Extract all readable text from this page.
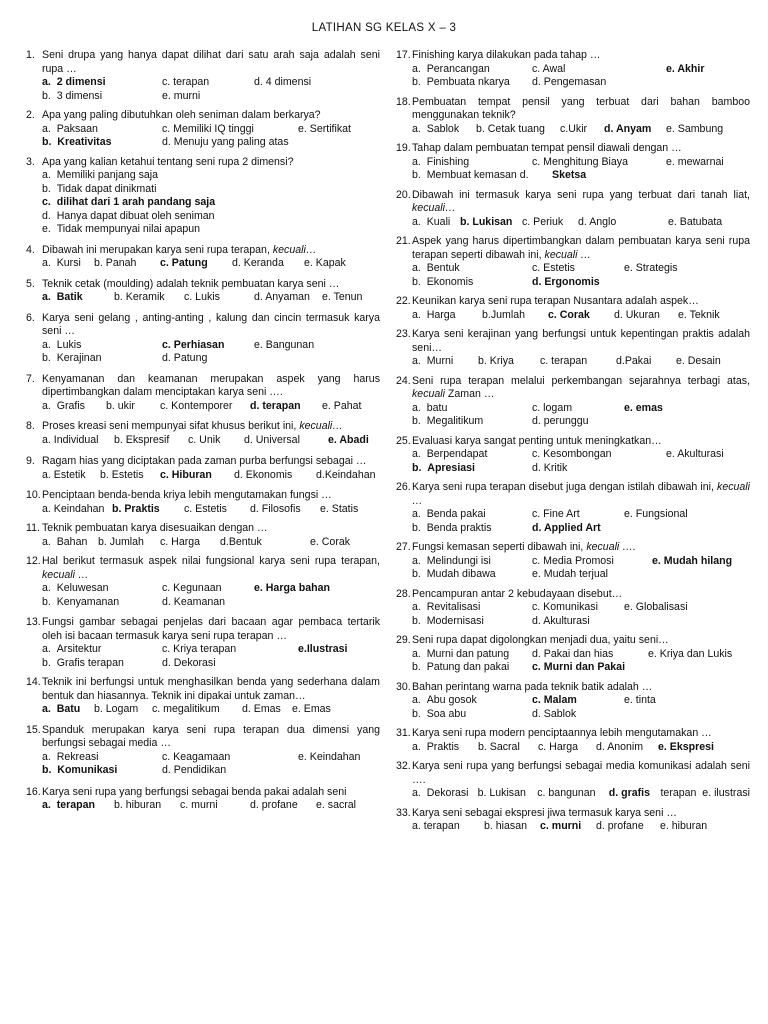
LATIHAN SG KELAS X – 3
1. Seni drupa yang hanya dapat dilihat dari satu arah saja adalah seni rupa …
a.  2 dimensi	c. terapan	d. 4 dimensi
b.  3 dimensi	e. murni
2. Apa yang paling dibutuhkan oleh seniman dalam berkarya?
a.  Paksaan	c. Memiliki IQ tinggi	e. Sertifikat
b.  Kreativitas	d. Menuju yang paling atas
3. Apa yang kalian ketahui tentang seni rupa 2 dimensi?
a.  Memiliki panjang saja
b.  Tidak dapat dinikmati
c.  dilihat dari 1 arah pandang saja
d.  Hanya dapat dibuat oleh seniman
e.  Tidak mempunyai nilai apapun
4. Dibawah ini merupakan karya seni rupa terapan, kecuali…
a.  Kursi	b. Panah	c. Patung	d. Keranda	e. Kapak
5. Teknik cetak (moulding) adalah teknik pembuatan karya seni …
a.  Batik	b. Keramik	c. Lukis	d. Anyaman	e. Tenun
6. Karya seni gelang , anting-anting , kalung dan cincin termasuk karya seni …
a.  Lukis	c. Perhiasan	e. Bangunan
b.  Kerajinan	d. Patung
7. Kenyamanan dan keamanan merupakan aspek yang harus dipertimbangkan dalam menciptakan karya seni ….
a.  Grafis	b. ukir	c. Kontemporer	d. terapan	e. Pahat
8. Proses kreasi seni mempunyai sifat khusus berikut ini, kecuali…
a. Individual	b. Ekspresif	c. Unik	d. Universal	e. Abadi
9. Ragam hias yang diciptakan pada zaman purba berfungsi sebagai …
a. Estetik	b. Estetis	c. Hiburan	d. Ekonomis	d.Keindahan
10. Penciptaan benda-benda kriya lebih mengutamakan fungsi …
a. Keindahan b. Praktis	c. Estetis	d. Filosofis	e. Statis
11. Teknik pembuatan karya disesuaikan dengan …
a.  Bahan	b. Jumlah	c. Harga	d.Bentuk	e. Corak
12. Hal berikut termasuk aspek nilai fungsional karya seni rupa terapan, kecuali …
a.  Keluwesan	c. Kegunaan	e. Harga bahan
b.  Kenyamanan	d. Keamanan
13. Fungsi gambar sebagai penjelas dari bacaan agar pembaca tertarik oleh isi bacaan termasuk karya seni rupa terapan …
a.  Arsitektur	c. Kriya terapan	e.Ilustrasi
b.  Grafis terapan	d. Dekorasi
14. Teknik ini berfungsi untuk menghasilkan benda yang sederhana dalam bentuk dan hiasannya. Teknik ini dipakai untuk zaman…
a.  Batu	b. Logam	c. megalitikum	d. Emas	e. Emas
15. Spanduk merupakan karya seni rupa terapan dua dimensi yang berfungsi sebagai media …
a.  Rekreasi	c. Keagamaan	e. Keindahan
b.  Komunikasi	d. Pendidikan
16. Karya seni rupa yang berfungsi sebagai benda pakai adalah seni
a.  terapan	b. hiburan	c. murni	d. profane	e. sacral
17. Finishing karya dilakukan pada tahap …
a.  Perancangan	c. Awal	e. Akhir
b.  Pembuata nkarya	d. Pengemasan
18. Pembuatan tempat pensil yang terbuat dari bahan bamboo menggunakan teknik?
a.  Sablok	b. Cetak tuang	c.Ukir	d. Anyam	e. Sambung
19. Tahap dalam pembuatan tempat pensil diawali dengan …
a.  Finishing	c. Menghitung Biaya	e. mewarnai
b.  Membuat kemasan d.	Sketsa
20. Dibawah ini termasuk karya seni rupa yang terbuat dari tanah liat, kecuali…
a.  Kuali b. Lukisan c. Periuk	d. Anglo	e. Batubata
21. Aspek yang harus dipertimbangkan dalam pembuatan karya seni rupa terapan seperti dibawah ini, kecuali …
a.  Bentuk	c. Estetis	e. Strategis
b.  Ekonomis	d. Ergonomis
22. Keunikan karya seni rupa terapan Nusantara adalah aspek…
a.  Harga	b.Jumlah	c. Corak	d. Ukuran	e. Teknik
23. Karya seni kerajinan yang berfungsi untuk kepentingan praktis adalah seni…
a.  Murni	b. Kriya	c. terapan	d.Pakai	e. Desain
24. Seni rupa terapan melalui perkembangan sejarahnya terbagi atas, kecuali Zaman …
a.  batu	c. logam	e. emas
b.  Megalitikum	d. perunggu
25. Evaluasi karya sangat penting untuk meningkatkan…
a.  Berpendapat	c. Kesombongan	e. Akulturasi
b.  Apresiasi	d. Kritik
26. Karya seni rupa terapan disebut juga dengan istilah dibawah ini, kecuali …
a.  Benda pakai	c. Fine Art	e. Fungsional
b.  Benda praktis	d. Applied Art
27. Fungsi kemasan seperti dibawah ini, kecuali ….
a.  Melindungi isi	c. Media Promosi	e. Mudah hilang
b.  Mudah dibawa	e. Mudah terjual
28. Pencampuran antar 2 kebudayaan disebut…
a.  Revitalisasi	c. Komunikasi	e. Globalisasi
b.  Modernisasi	d. Akulturasi
29. Seni rupa dapat digolongkan menjadi dua, yaitu seni…
a.  Murni dan patung	d. Pakai dan hias	e. Kriya dan Lukis
b.  Patung dan pakai	c. Murni dan Pakai
30. Bahan perintang warna pada teknik batik adalah …
a.  Abu gosok	c. Malam	e. tinta
b.  Soa abu	d. Sablok
31. Karya seni rupa modern penciptaannya lebih mengutamakan …
a.  Praktis	b. Sacral	c. Harga	d. Anonim	e. Ekspresi
32. Karya seni rupa yang berfungsi sebagai media komunikasi adalah seni ….
a.  Dekorasi b. Lukisan	c. bangunan	d. grafis terapan  e. ilustrasi
33. Karya seni sebagai ekspresi jiwa termasuk karya seni …
a. terapan	b. hiasan	c. murni	d. profane	e. hiburan
